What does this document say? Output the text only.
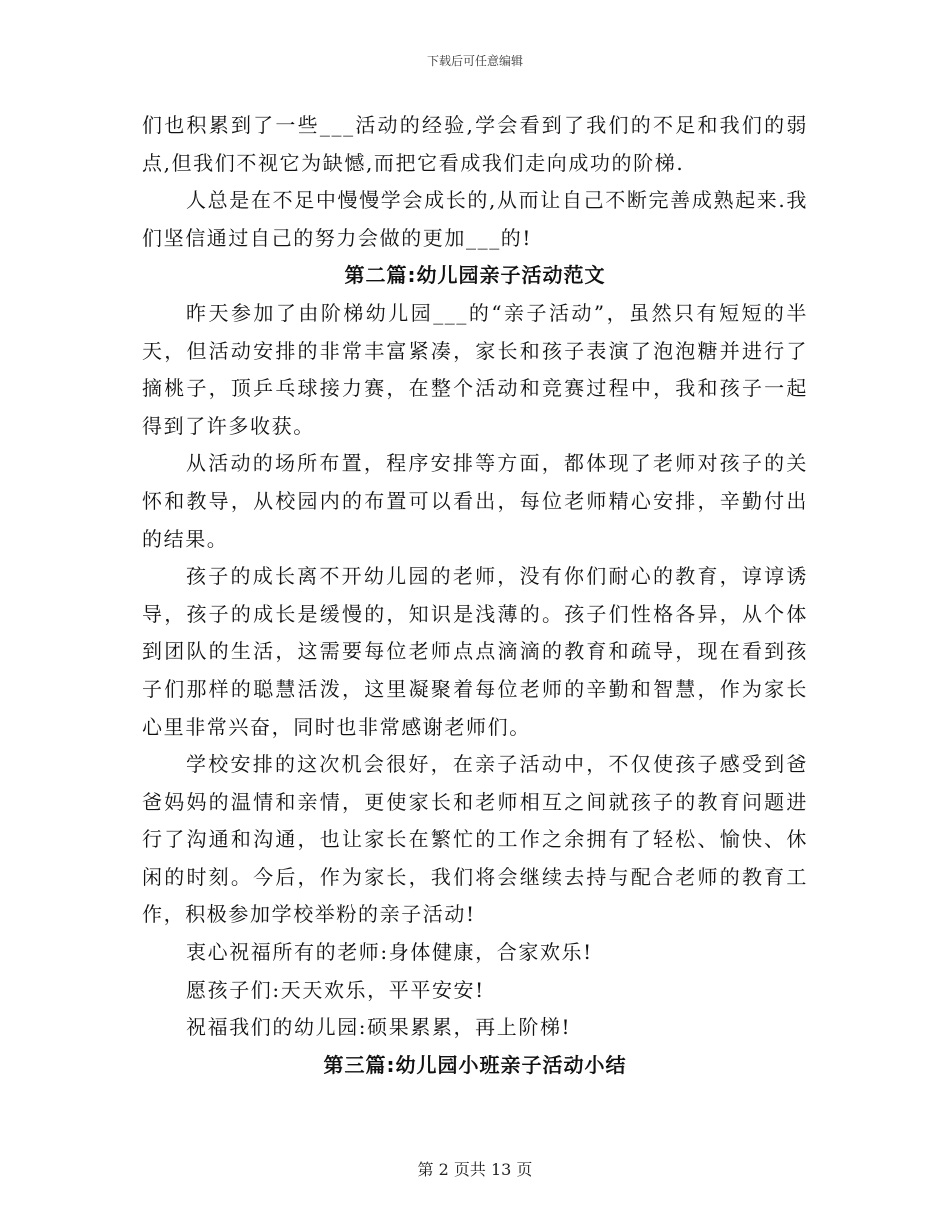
下载后可任意编辑

们也积累到了一些___活动的经验,学会看到了我们的不足和我们的弱点,但我们不视它为缺憾,而把它看成我们走向成功的阶梯.

人总是在不足中慢慢学会成长的,从而让自己不断完善成熟起来.我们坚信通过自己的努力会做的更加___的!

第二篇:幼儿园亲子活动范文

昨天参加了由阶梯幼儿园___的“亲子活动”，虽然只有短短的半天，但活动安排的非常丰富紧凑，家长和孩子表演了泡泡糖并进行了摘桃子，顶乒乓球接力赛，在整个活动和竞赛过程中，我和孩子一起得到了许多收获。

从活动的场所布置，程序安排等方面，都体现了老师对孩子的关怀和教导，从校园内的布置可以看出，每位老师精心安排，辛勤付出的结果。

孩子的成长离不开幼儿园的老师，没有你们耐心的教育，谆谆诱导，孩子的成长是缓慢的，知识是浅薄的。孩子们性格各异，从个体到团队的生活，这需要每位老师点点滴滴的教育和疏导，现在看到孩子们那样的聪慧活泼，这里凝聚着每位老师的辛勤和智慧，作为家长心里非常兴奋，同时也非常感谢老师们。

学校安排的这次机会很好，在亲子活动中，不仅使孩子感受到爸爸妈妈的温情和亲情，更使家长和老师相互之间就孩子的教育问题进行了沟通和沟通，也让家长在繁忙的工作之余拥有了轻松、愉快、休闲的时刻。今后，作为家长，我们将会继续去持与配合老师的教育工作，积极参加学校举粉的亲子活动!

衷心祝福所有的老师:身体健康，合家欢乐!

愿孩子们:天天欢乐，平平安安!

祝福我们的幼儿园:硕果累累，再上阶梯!

第三篇:幼儿园小班亲子活动小结
第 2 页共 13 页
